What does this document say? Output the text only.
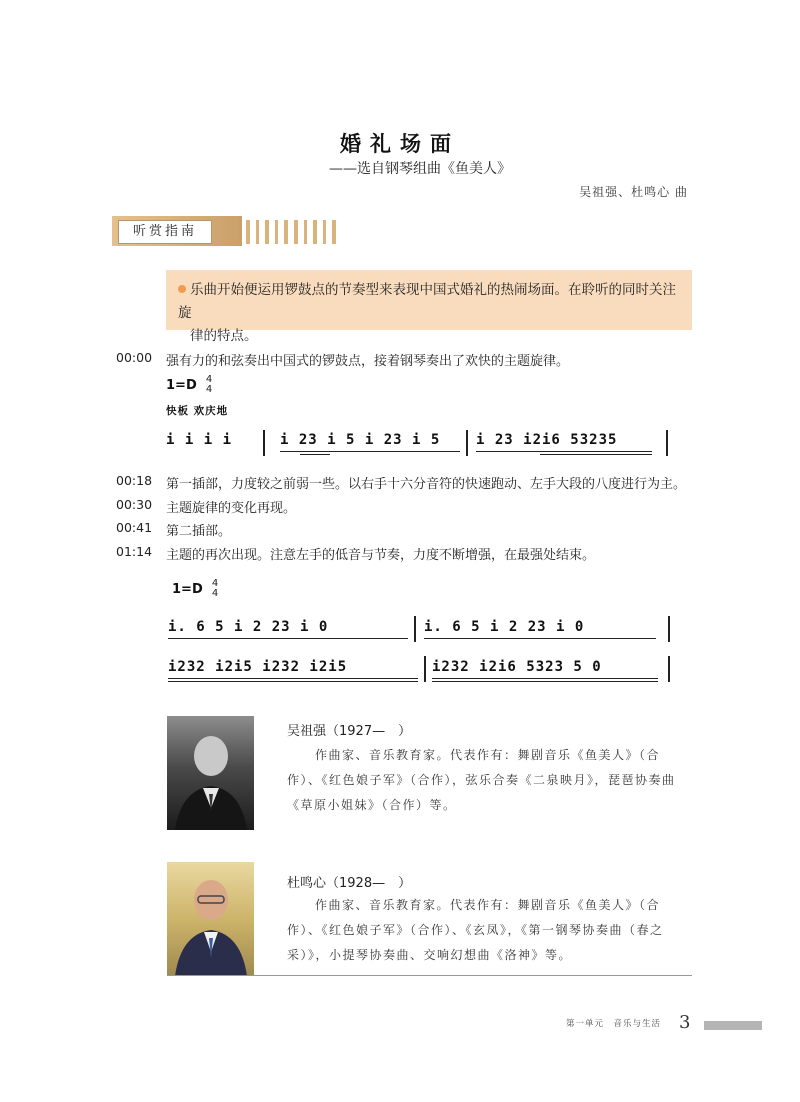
婚礼场面
——选自钢琴组曲《鱼美人》
吴祖强、杜鸣心 曲
听赏指南
乐曲开始便运用锣鼓点的节奏型来表现中国式婚礼的热闹场面。在聆听的同时关注旋
律的特点。
00:00 强有力的和弦奏出中国式的锣鼓点，接着钢琴奏出了欢快的主题旋律。
1=D 4
4
快板 欢庆地
i i i i	i 23 i 5 i 23 i 5	i 23 i2i6 53235
00:18 第一插部，力度较之前弱一些。以右手十六分音符的快速跑动、左手大段的八度进行为主。
00:30 主题旋律的变化再现。
00:41 第二插部。
01:14 主题的再次出现。注意左手的低音与节奏，力度不断增强，在最强处结束。
1=D 4
4
i. 6 5 i 2 23 i 0	i. 6 5 i 2 23 i 0
i232 i2i5 i232 i2i5	i232 i2i6 5323 5 0
吴祖强（1927—　）
作曲家、音乐教育家。代表作有：舞剧音乐《鱼美人》（合作）、《红色娘子军》（合作），弦乐合奏《二泉映月》，琵琶协奏曲《草原小姐妹》（合作）等。
杜鸣心（1928—　）
作曲家、音乐教育家。代表作有：舞剧音乐《鱼美人》（合作）、《红色娘子军》（合作）、《玄凤》，《第一钢琴协奏曲（春之采）》，小提琴协奏曲、交响幻想曲《洛神》等。
第一单元　音乐与生活 3
